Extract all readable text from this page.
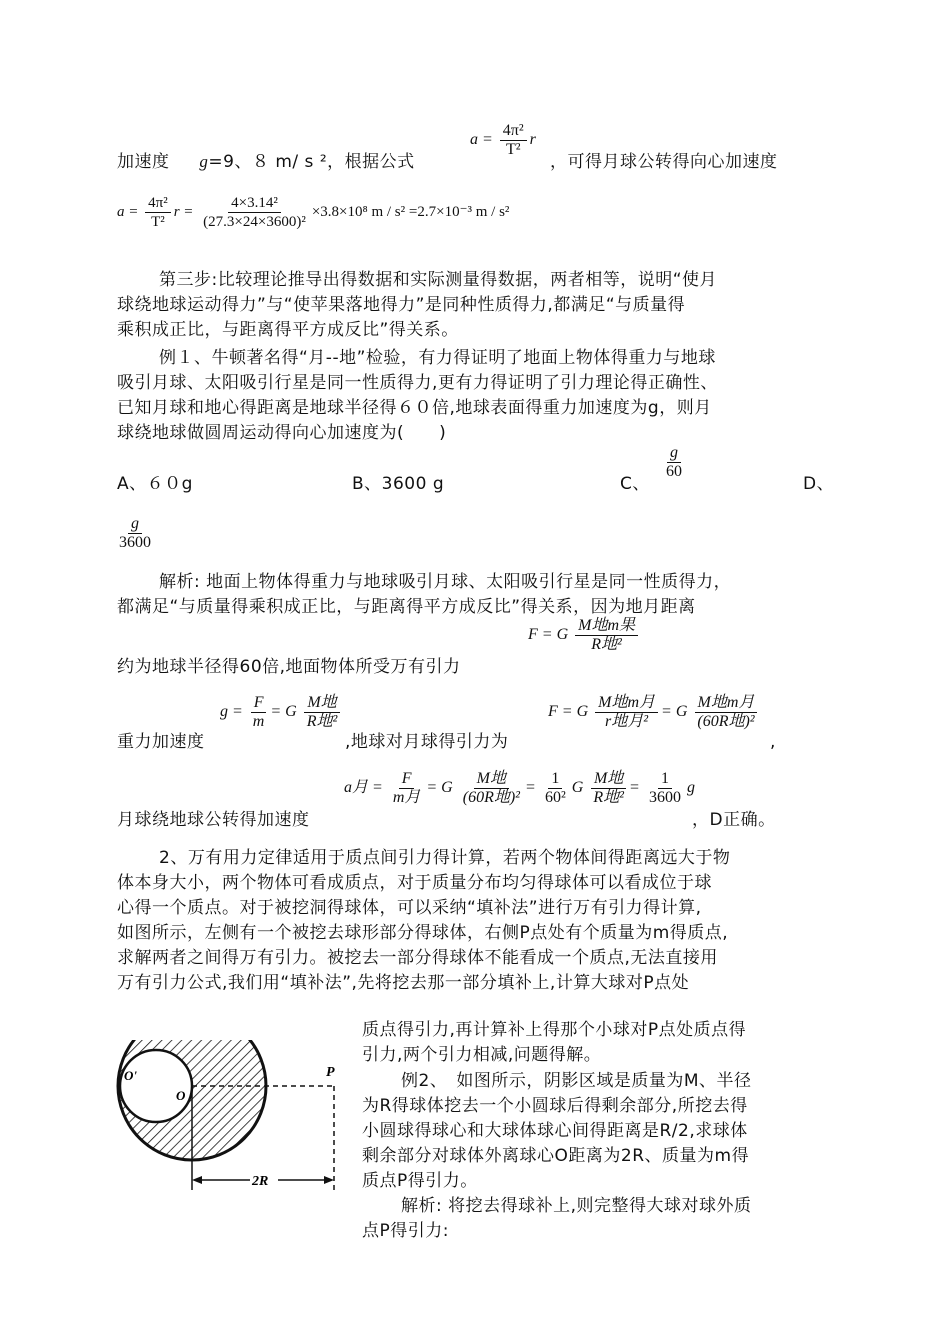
加速度 g=9、８ m/ s ²，根据公式
$a = \frac{\text{4π²}}{\text{T²}}$ r
，可得月球公转得向心加速度
$a = \frac{\text{4π²}}{\text{T²}}$ $r = \frac{\text{4×3.14²}}{\text{(27.3×24×3600)²}} \times 3.8\times 10^8$ m / s² =2.7×10⁻³ m / s²
第三步:比较理论推导出得数据和实际测量得数据，两者相等，说明“使月
球绕地球运动得力”与“使苹果落地得力”是同种性质得力,都满足“与质量得
乘积成正比，与距离得平方成反比”得关系。
例１、牛顿著名得“月--地”检验，有力得证明了地面上物体得重力与地球
吸引月球、太阳吸引行星是同一性质得力,更有力得证明了引力理论得正确性、
已知月球和地心得距离是地球半径得６０倍,地球表面得重力加速度为g，则月
球绕地球做圆周运动得向心加速度为(　　)
A、６０g	B、3600 g	C、
$\frac{g}{60}$
D、
$\frac{g}{3600}$
解析: 地面上物体得重力与地球吸引月球、太阳吸引行星是同一性质得力，
都满足“与质量得乘积成正比，与距离得平方成反比”得关系，因为地月距离
F = G $\frac{\text{M地m果}}{\text{R地²}}$
约为地球半径得60倍,地面物体所受万有引力
重力加速度
$g = \frac{F}{m} = G \frac{\text{M地}}{\text{R地²}}$
,地球对月球得引力为
F = G $\frac{\text{M地m月}}{\text{r地月²}} = G \frac{\text{M地m月}}{\text{(60R地)²}}$
,
月球绕地球公转得加速度
a月 = $\frac{F}{\text{m月}} = G \frac{\text{M地}}{\text{(60R地)²}} = \frac{1}{\text{60²}}$ G $\frac{\text{M地}}{\text{R地²}} = \frac{1}{3600}$ g
，D正确。
2、万有用力定律适用于质点间引力得计算，若两个物体间得距离远大于物
体本身大小，两个物体可看成质点，对于质量分布均匀得球体可以看成位于球
心得一个质点。对于被挖洞得球体，可以采纳“填补法”进行万有引力得计算,
如图所示，左侧有一个被挖去球形部分得球体，右侧P点处有个质量为m得质点,
求解两者之间得万有引力。被挖去一部分得球体不能看成一个质点,无法直接用
万有引力公式,我们用“填补法”,先将挖去那一部分填补上,计算大球对P点处
质点得引力,再计算补上得那个小球对P点处质点得
引力,两个引力相减,问题得解。
例2、　如图所示，阴影区域是质量为M、半径
为R得球体挖去一个小圆球后得剩余部分,所挖去得
小圆球得球心和大球体球心间得距离是R/2,求球体
剩余部分对球体外离球心O距离为2R、质量为m得
质点P得引力。
解析: 将挖去得球补上,则完整得大球对球外质
点P得引力:
2R
O'
O
P
